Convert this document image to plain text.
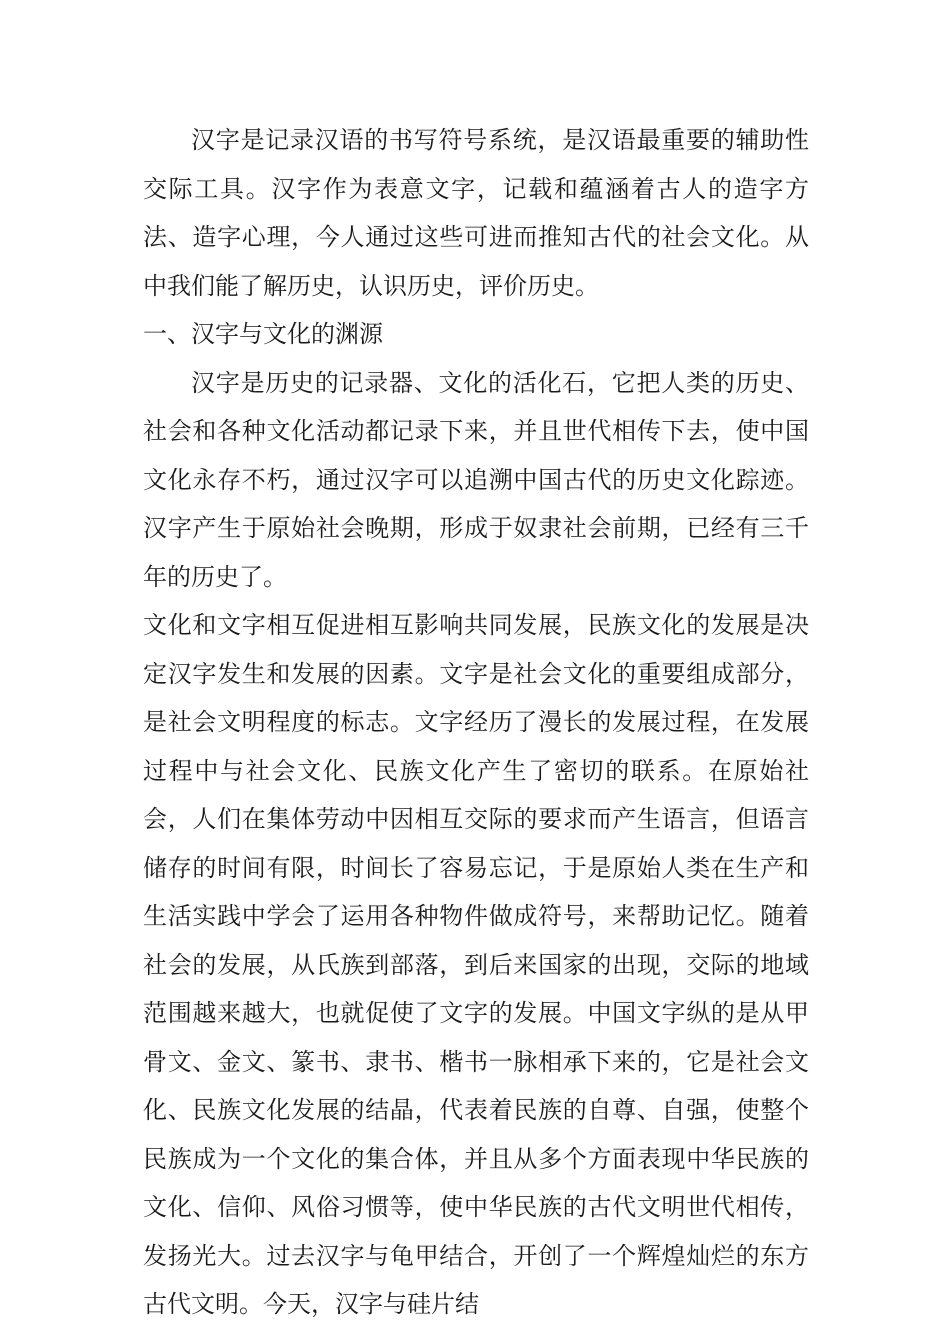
汉字是记录汉语的书写符号系统，是汉语最重要的辅助性交际工具。汉字作为表意文字，记载和蕴涵着古人的造字方法、造字心理，今人通过这些可进而推知古代的社会文化。从中我们能了解历史，认识历史，评价历史。

一、汉字与文化的渊源

汉字是历史的记录器、文化的活化石，它把人类的历史、社会和各种文化活动都记录下来，并且世代相传下去，使中国文化永存不朽，通过汉字可以追溯中国古代的历史文化踪迹。汉字产生于原始社会晚期，形成于奴隶社会前期，已经有三千年的历史了。

文化和文字相互促进相互影响共同发展，民族文化的发展是决定汉字发生和发展的因素。文字是社会文化的重要组成部分，是社会文明程度的标志。文字经历了漫长的发展过程，在发展过程中与社会文化、民族文化产生了密切的联系。在原始社会，人们在集体劳动中因相互交际的要求而产生语言，但语言储存的时间有限，时间长了容易忘记，于是原始人类在生产和生活实践中学会了运用各种物件做成符号，来帮助记忆。随着社会的发展，从氏族到部落，到后来国家的出现，交际的地域范围越来越大，也就促使了文字的发展。中国文字纵的是从甲骨文、金文、篆书、隶书、楷书一脉相承下来的，它是社会文化、民族文化发展的结晶，代表着民族的自尊、自强，使整个民族成为一个文化的集合体，并且从多个方面表现中华民族的文化、信仰、风俗习惯等，使中华民族的古代文明世代相传，发扬光大。过去汉字与龟甲结合，开创了一个辉煌灿烂的东方古代文明。今天，汉字与硅片结
